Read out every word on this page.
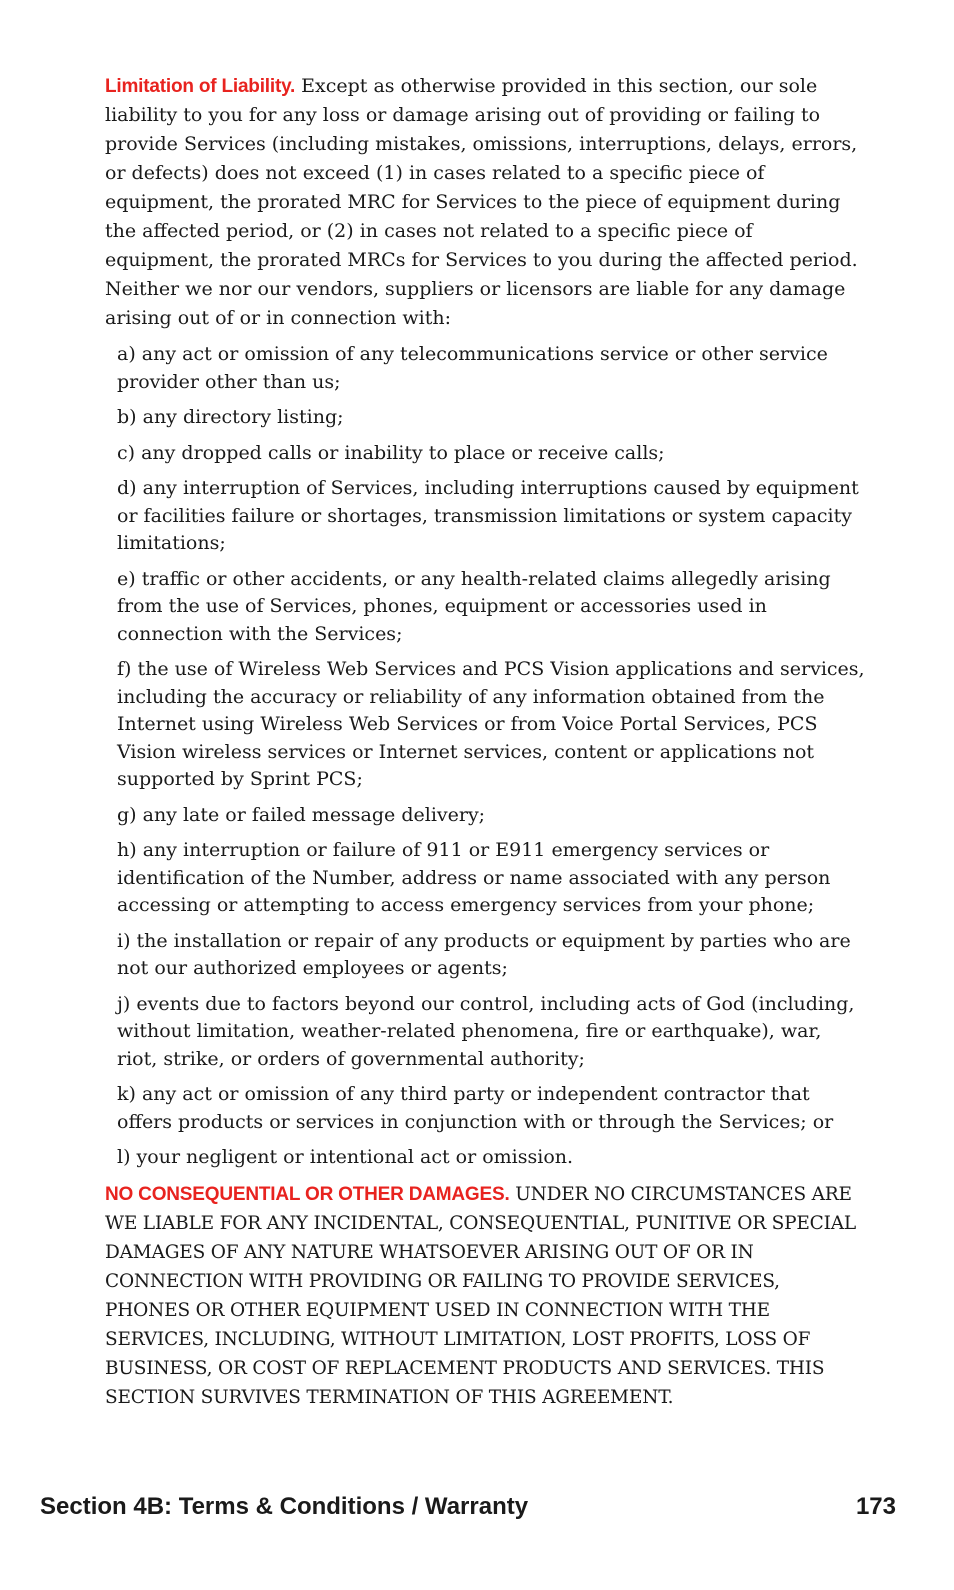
Limitation of Liability. Except as otherwise provided in this section, our sole liability to you for any loss or damage arising out of providing or failing to provide Services (including mistakes, omissions, interruptions, delays, errors, or defects) does not exceed (1) in cases related to a specific piece of equipment, the prorated MRC for Services to the piece of equipment during the affected period, or (2) in cases not related to a specific piece of equipment, the prorated MRCs for Services to you during the affected period. Neither we nor our vendors, suppliers or licensors are liable for any damage arising out of or in connection with:

a) any act or omission of any telecommunications service or other service provider other than us;

b) any directory listing;

c) any dropped calls or inability to place or receive calls;

d) any interruption of Services, including interruptions caused by equipment or facilities failure or shortages, transmission limitations or system capacity limitations;

e) traffic or other accidents, or any health-related claims allegedly arising from the use of Services, phones, equipment or accessories used in connection with the Services;

f) the use of Wireless Web Services and PCS Vision applications and services, including the accuracy or reliability of any information obtained from the Internet using Wireless Web Services or from Voice Portal Services, PCS Vision wireless services or Internet services, content or applications not supported by Sprint PCS;

g) any late or failed message delivery;

h) any interruption or failure of 911 or E911 emergency services or identification of the Number, address or name associated with any person accessing or attempting to access emergency services from your phone;

i) the installation or repair of any products or equipment by parties who are not our authorized employees or agents;

j) events due to factors beyond our control, including acts of God (including, without limitation, weather-related phenomena, fire or earthquake), war, riot, strike, or orders of governmental authority;

k) any act or omission of any third party or independent contractor that offers products or services in conjunction with or through the Services; or

l) your negligent or intentional act or omission.

NO CONSEQUENTIAL OR OTHER DAMAGES. UNDER NO CIRCUMSTANCES ARE WE LIABLE FOR ANY INCIDENTAL, CONSEQUENTIAL, PUNITIVE OR SPECIAL DAMAGES OF ANY NATURE WHATSOEVER ARISING OUT OF OR IN CONNECTION WITH PROVIDING OR FAILING TO PROVIDE SERVICES, PHONES OR OTHER EQUIPMENT USED IN CONNECTION WITH THE SERVICES, INCLUDING, WITHOUT LIMITATION, LOST PROFITS, LOSS OF BUSINESS, OR COST OF REPLACEMENT PRODUCTS AND SERVICES. THIS SECTION SURVIVES TERMINATION OF THIS AGREEMENT.

Section 4B: Terms & Conditions / Warranty	173
